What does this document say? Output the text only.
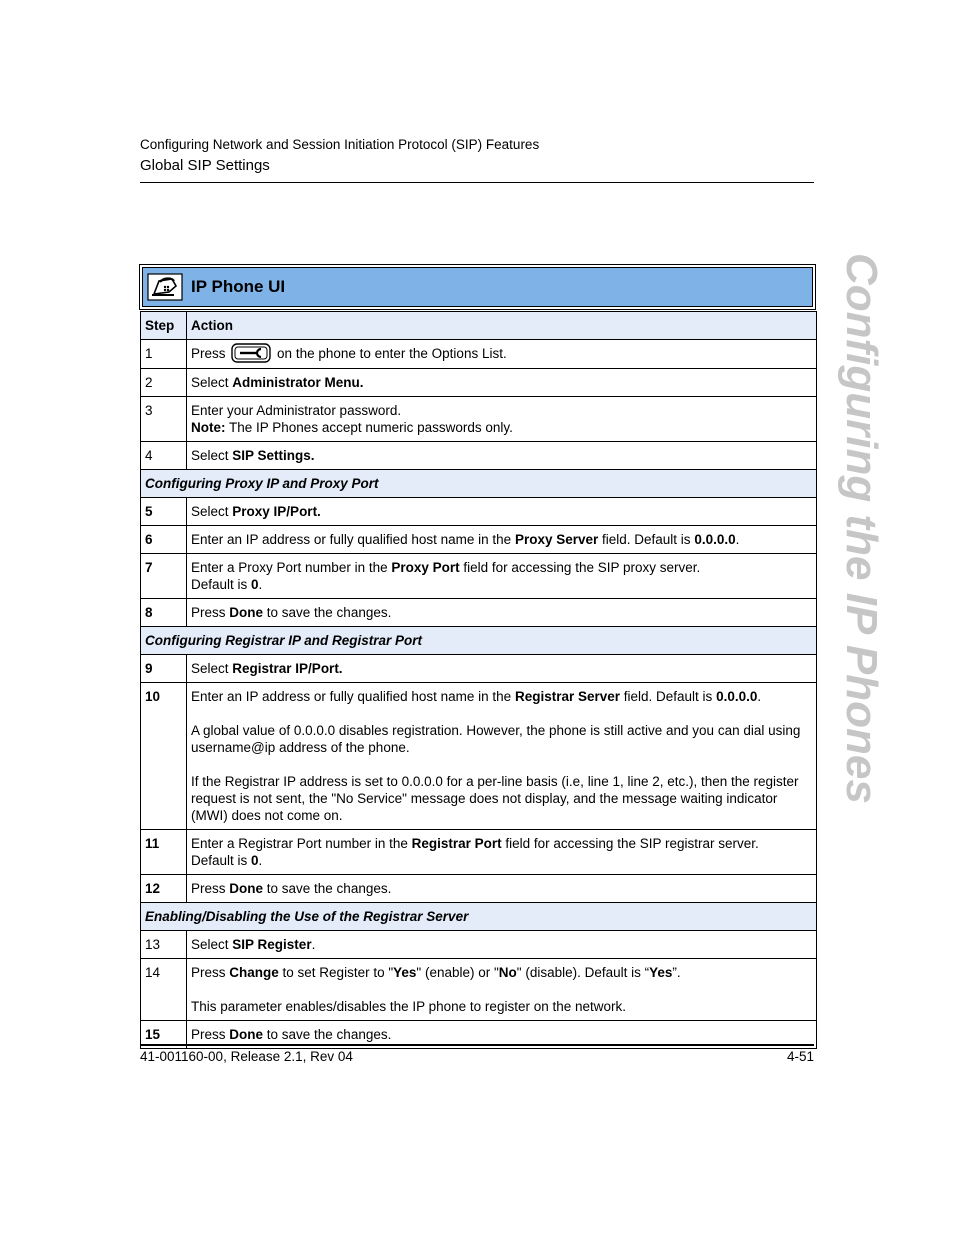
Configuring Network and Session Initiation Protocol (SIP) Features
Global SIP Settings
Configuring the IP Phones
IP Phone UI
Step	Action
1	Press on the phone to enter the Options List.
2	Select Administrator Menu.
3	Enter your Administrator password.
Note: The IP Phones accept numeric passwords only.

4	Select SIP Settings.
Configuring Proxy IP and Proxy Port	
5	Select Proxy IP/Port.
6	Enter an IP address or fully qualified host name in the Proxy Server field. Default is 0.0.0.0.
7	Enter a Proxy Port number in the Proxy Port field for accessing the SIP proxy server.
Default is 0.

8	Press Done to save the changes.
Configuring Registrar IP and Registrar Port	
9	Select Registrar IP/Port.
10	Enter an IP address or fully qualified host name in the Registrar Server field. Default is 0.0.0.0.
A global value of 0.0.0.0 disables registration. However, the phone is still active and you can dial using username@ip address of the phone.
If the Registrar IP address is set to 0.0.0.0 for a per-line basis (i.e, line 1, line 2, etc.), then the register request is not sent, the "No Service" message does not display, and the message waiting indicator (MWI) does not come on.

11	Enter a Registrar Port number in the Registrar Port field for accessing the SIP registrar server.
Default is 0.

12	Press Done to save the changes.
Enabling/Disabling the Use of the Registrar Server	
13	Select SIP Register.
14	Press Change to set Register to "Yes" (enable) or "No" (disable). Default is “Yes”.
This parameter enables/disables the IP phone to register on the network.

15	Press Done to save the changes.
41-001160-00, Release 2.1, Rev 04	4-51
